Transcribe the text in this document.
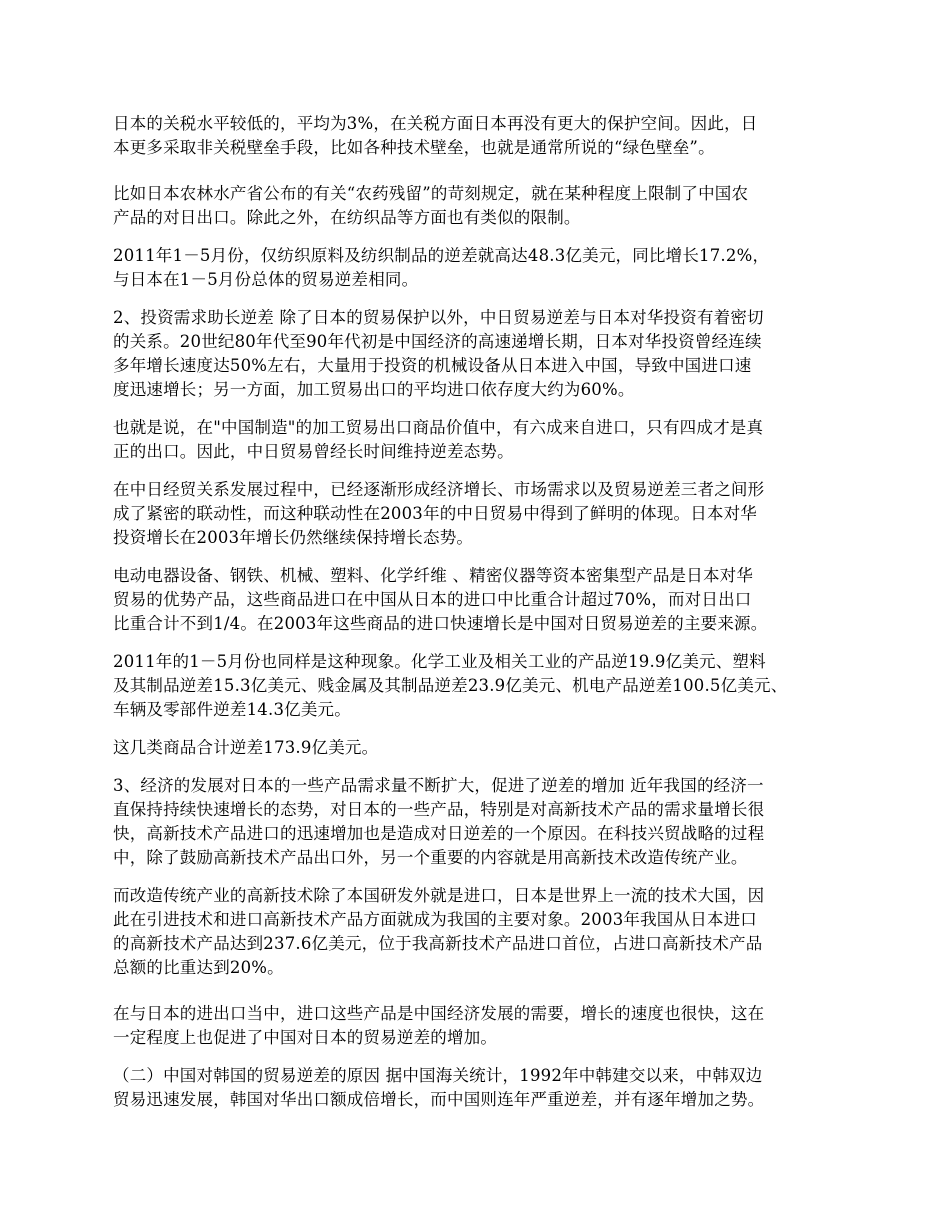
日本的关税水平较低的，平均为3%，在关税方面日本再没有更大的保护空间。因此，日
本更多采取非关税壁垒手段，比如各种技术壁垒，也就是通常所说的“绿色壁垒”。

比如日本农林水产省公布的有关“农药残留”的苛刻规定，就在某种程度上限制了中国农
产品的对日出口。除此之外，在纺织品等方面也有类似的限制。

2011年1－5月份，仅纺织原料及纺织制品的逆差就高达48.3亿美元，同比增长17.2%，
与日本在1－5月份总体的贸易逆差相同。

2、投资需求助长逆差 除了日本的贸易保护以外，中日贸易逆差与日本对华投资有着密切
的关系。20世纪80年代至90年代初是中国经济的高速递增长期，日本对华投资曾经连续
多年增长速度达50%左右，大量用于投资的机械设备从日本进入中国，导致中国进口速
度迅速增长；另一方面，加工贸易出口的平均进口依存度大约为60%。

也就是说，在"中国制造"的加工贸易出口商品价值中，有六成来自进口，只有四成才是真
正的出口。因此，中日贸易曾经长时间维持逆差态势。

在中日经贸关系发展过程中，已经逐渐形成经济增长、市场需求以及贸易逆差三者之间形
成了紧密的联动性，而这种联动性在2003年的中日贸易中得到了鲜明的体现。日本对华
投资增长在2003年增长仍然继续保持增长态势。

电动电器设备、钢铁、机械、塑料、化学纤维 、精密仪器等资本密集型产品是日本对华
贸易的优势产品，这些商品进口在中国从日本的进口中比重合计超过70%，而对日出口
比重合计不到1/4。在2003年这些商品的进口快速增长是中国对日贸易逆差的主要来源。

2011年的1－5月份也同样是这种现象。化学工业及相关工业的产品逆19.9亿美元、塑料
及其制品逆差15.3亿美元、贱金属及其制品逆差23.9亿美元、机电产品逆差100.5亿美元、
车辆及零部件逆差14.3亿美元。

这几类商品合计逆差173.9亿美元。

3、经济的发展对日本的一些产品需求量不断扩大，促进了逆差的增加 近年我国的经济一
直保持持续快速增长的态势，对日本的一些产品，特别是对高新技术产品的需求量增长很
快，高新技术产品进口的迅速增加也是造成对日逆差的一个原因。在科技兴贸战略的过程
中，除了鼓励高新技术产品出口外，另一个重要的内容就是用高新技术改造传统产业。

而改造传统产业的高新技术除了本国研发外就是进口，日本是世界上一流的技术大国，因
此在引进技术和进口高新技术产品方面就成为我国的主要对象。2003年我国从日本进口
的高新技术产品达到237.6亿美元，位于我高新技术产品进口首位，占进口高新技术产品
总额的比重达到20%。

在与日本的进出口当中，进口这些产品是中国经济发展的需要，增长的速度也很快，这在
一定程度上也促进了中国对日本的贸易逆差的增加。

（二）中国对韩国的贸易逆差的原因 据中国海关统计，1992年中韩建交以来，中韩双边
贸易迅速发展，韩国对华出口额成倍增长，而中国则连年严重逆差，并有逐年增加之势。
